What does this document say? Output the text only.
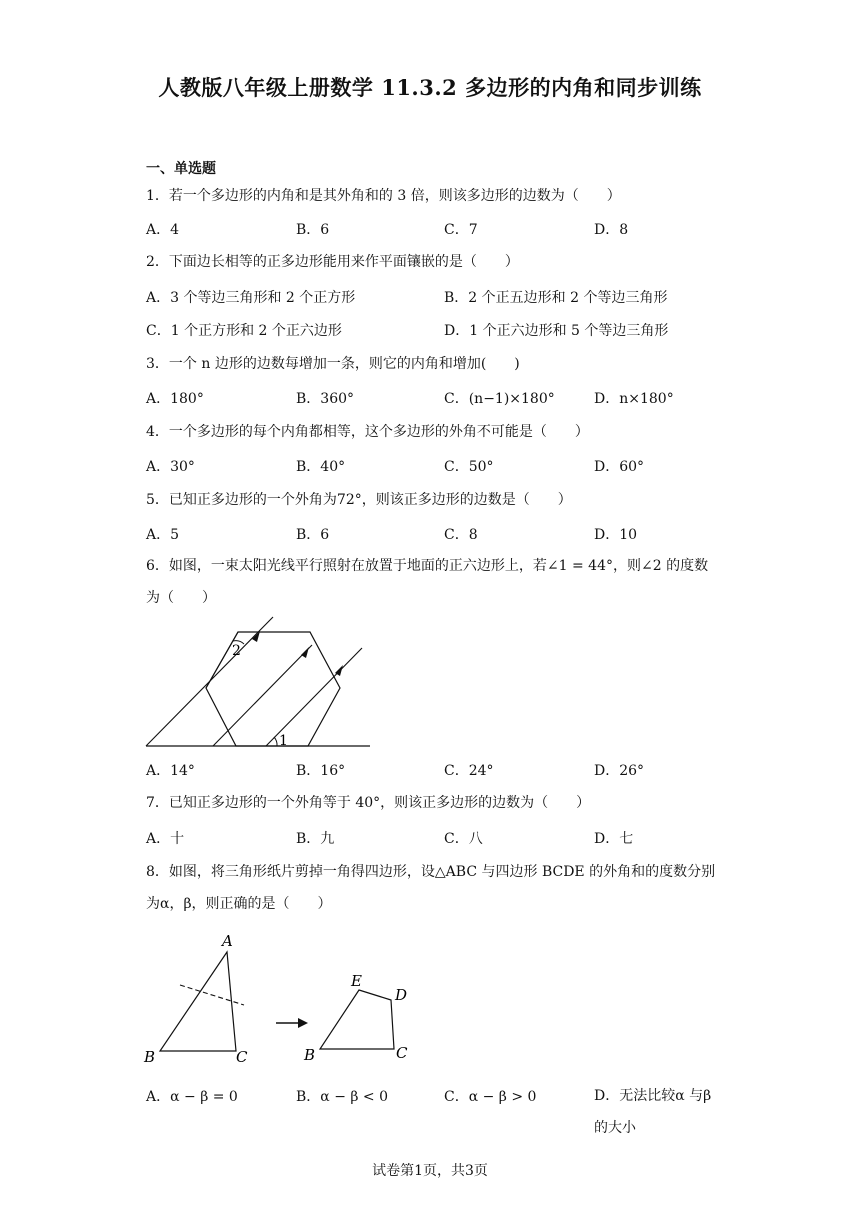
人教版八年级上册数学 11.3.2 多边形的内角和同步训练
一、单选题
1．若一个多边形的内角和是其外角和的 3 倍，则该多边形的边数为（　　）
A．4	B．6	C．7	D．8
2．下面边长相等的正多边形能用来作平面镶嵌的是（　　）
A．3 个等边三角形和 2 个正方形	B．2 个正五边形和 2 个等边三角形
C．1 个正方形和 2 个正六边形	D．1 个正六边形和 5 个等边三角形
3．一个 n 边形的边数每增加一条，则它的内角和增加(　　)
A．180°	B．360°	C．(n−1)×180°	D．n×180°
4．一个多边形的每个内角都相等，这个多边形的外角不可能是（　　）
A．30°	B．40°	C．50°	D．60°
5．已知正多边形的一个外角为72°，则该正多边形的边数是（　　）
A．5	B．6	C．8	D．10
6．如图，一束太阳光线平行照射在放置于地面的正六边形上，若∠1 = 44°，则∠2 的度数为（　　）
2
1
A．14°	B．16°	C．24°	D．26°
7．已知正多边形的一个外角等于 40°，则该正多边形的边数为（　　）
A．十	B．九	C．八	D．七
8．如图，将三角形纸片剪掉一角得四边形，设△ABC 与四边形 BCDE 的外角和的度数分别为α，β，则正确的是（　　）
A
B	C
E
D
B	C
A．α − β = 0	B．α − β < 0	C．α − β > 0	D．无法比较α 与β 的大小
试卷第1页，共3页
